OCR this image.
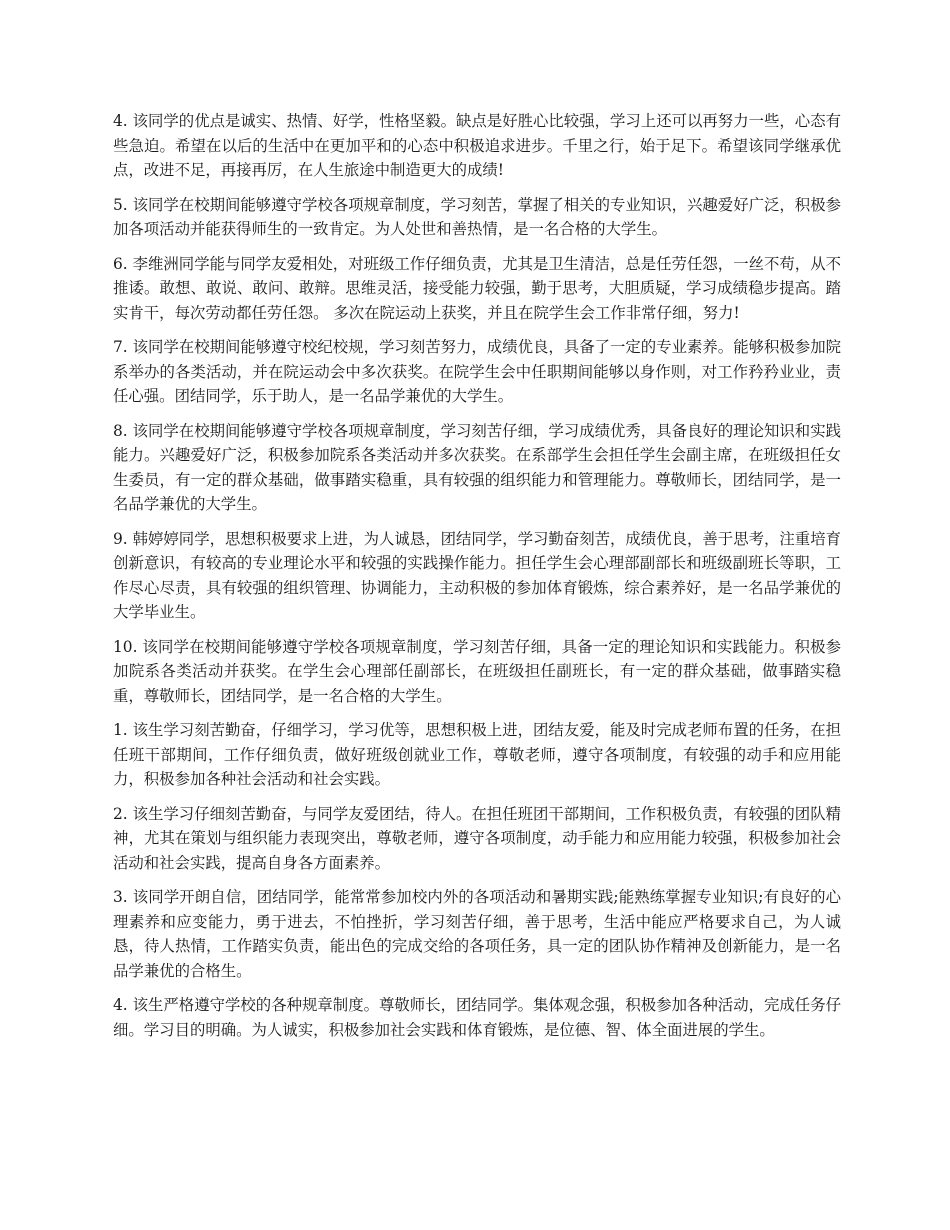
4. 该同学的优点是诚实、热情、好学，性格坚毅。缺点是好胜心比较强，学习上还可以再努力一些，心态有些急迫。希望在以后的生活中在更加平和的心态中积极追求进步。千里之行，始于足下。希望该同学继承优点，改进不足，再接再厉，在人生旅途中制造更大的成绩!

5. 该同学在校期间能够遵守学校各项规章制度，学习刻苦，掌握了相关的专业知识，兴趣爱好广泛，积极参加各项活动并能获得师生的一致肯定。为人处世和善热情，是一名合格的大学生。

6. 李维洲同学能与同学友爱相处，对班级工作仔细负责，尤其是卫生清洁，总是任劳任怨，一丝不苟，从不推诿。敢想、敢说、敢问、敢辩。思维灵活，接受能力较强，勤于思考，大胆质疑，学习成绩稳步提高。踏实肯干，每次劳动都任劳任怨。 多次在院运动上获奖，并且在院学生会工作非常仔细，努力!

7. 该同学在校期间能够遵守校纪校规，学习刻苦努力，成绩优良，具备了一定的专业素养。能够积极参加院系举办的各类活动，并在院运动会中多次获奖。在院学生会中任职期间能够以身作则，对工作矜矜业业，责任心强。团结同学，乐于助人，是一名品学兼优的大学生。

8. 该同学在校期间能够遵守学校各项规章制度，学习刻苦仔细，学习成绩优秀，具备良好的理论知识和实践能力。兴趣爱好广泛，积极参加院系各类活动并多次获奖。在系部学生会担任学生会副主席，在班级担任女生委员，有一定的群众基础，做事踏实稳重，具有较强的组织能力和管理能力。尊敬师长，团结同学，是一名品学兼优的大学生。

9. 韩婷婷同学，思想积极要求上进，为人诚恳，团结同学，学习勤奋刻苦，成绩优良，善于思考，注重培育创新意识，有较高的专业理论水平和较强的实践操作能力。担任学生会心理部副部长和班级副班长等职，工作尽心尽责，具有较强的组织管理、协调能力，主动积极的参加体育锻炼，综合素养好，是一名品学兼优的大学毕业生。

10. 该同学在校期间能够遵守学校各项规章制度，学习刻苦仔细，具备一定的理论知识和实践能力。积极参加院系各类活动并获奖。在学生会心理部任副部长，在班级担任副班长，有一定的群众基础，做事踏实稳重，尊敬师长，团结同学，是一名合格的大学生。

1. 该生学习刻苦勤奋，仔细学习，学习优等，思想积极上进，团结友爱，能及时完成老师布置的任务，在担任班干部期间，工作仔细负责，做好班级创就业工作，尊敬老师，遵守各项制度，有较强的动手和应用能力，积极参加各种社会活动和社会实践。

2. 该生学习仔细刻苦勤奋，与同学友爱团结，待人。在担任班团干部期间，工作积极负责，有较强的团队精神，尤其在策划与组织能力表现突出，尊敬老师，遵守各项制度，动手能力和应用能力较强，积极参加社会活动和社会实践，提高自身各方面素养。

3. 该同学开朗自信，团结同学，能常常参加校内外的各项活动和暑期实践;能熟练掌握专业知识;有良好的心理素养和应变能力，勇于进去，不怕挫折，学习刻苦仔细，善于思考，生活中能应严格要求自己，为人诚恳，待人热情，工作踏实负责，能出色的完成交给的各项任务，具一定的团队协作精神及创新能力，是一名品学兼优的合格生。

4. 该生严格遵守学校的各种规章制度。尊敬师长，团结同学。集体观念强，积极参加各种活动，完成任务仔细。学习目的明确。为人诚实，积极参加社会实践和体育锻炼，是位德、智、体全面进展的学生。
